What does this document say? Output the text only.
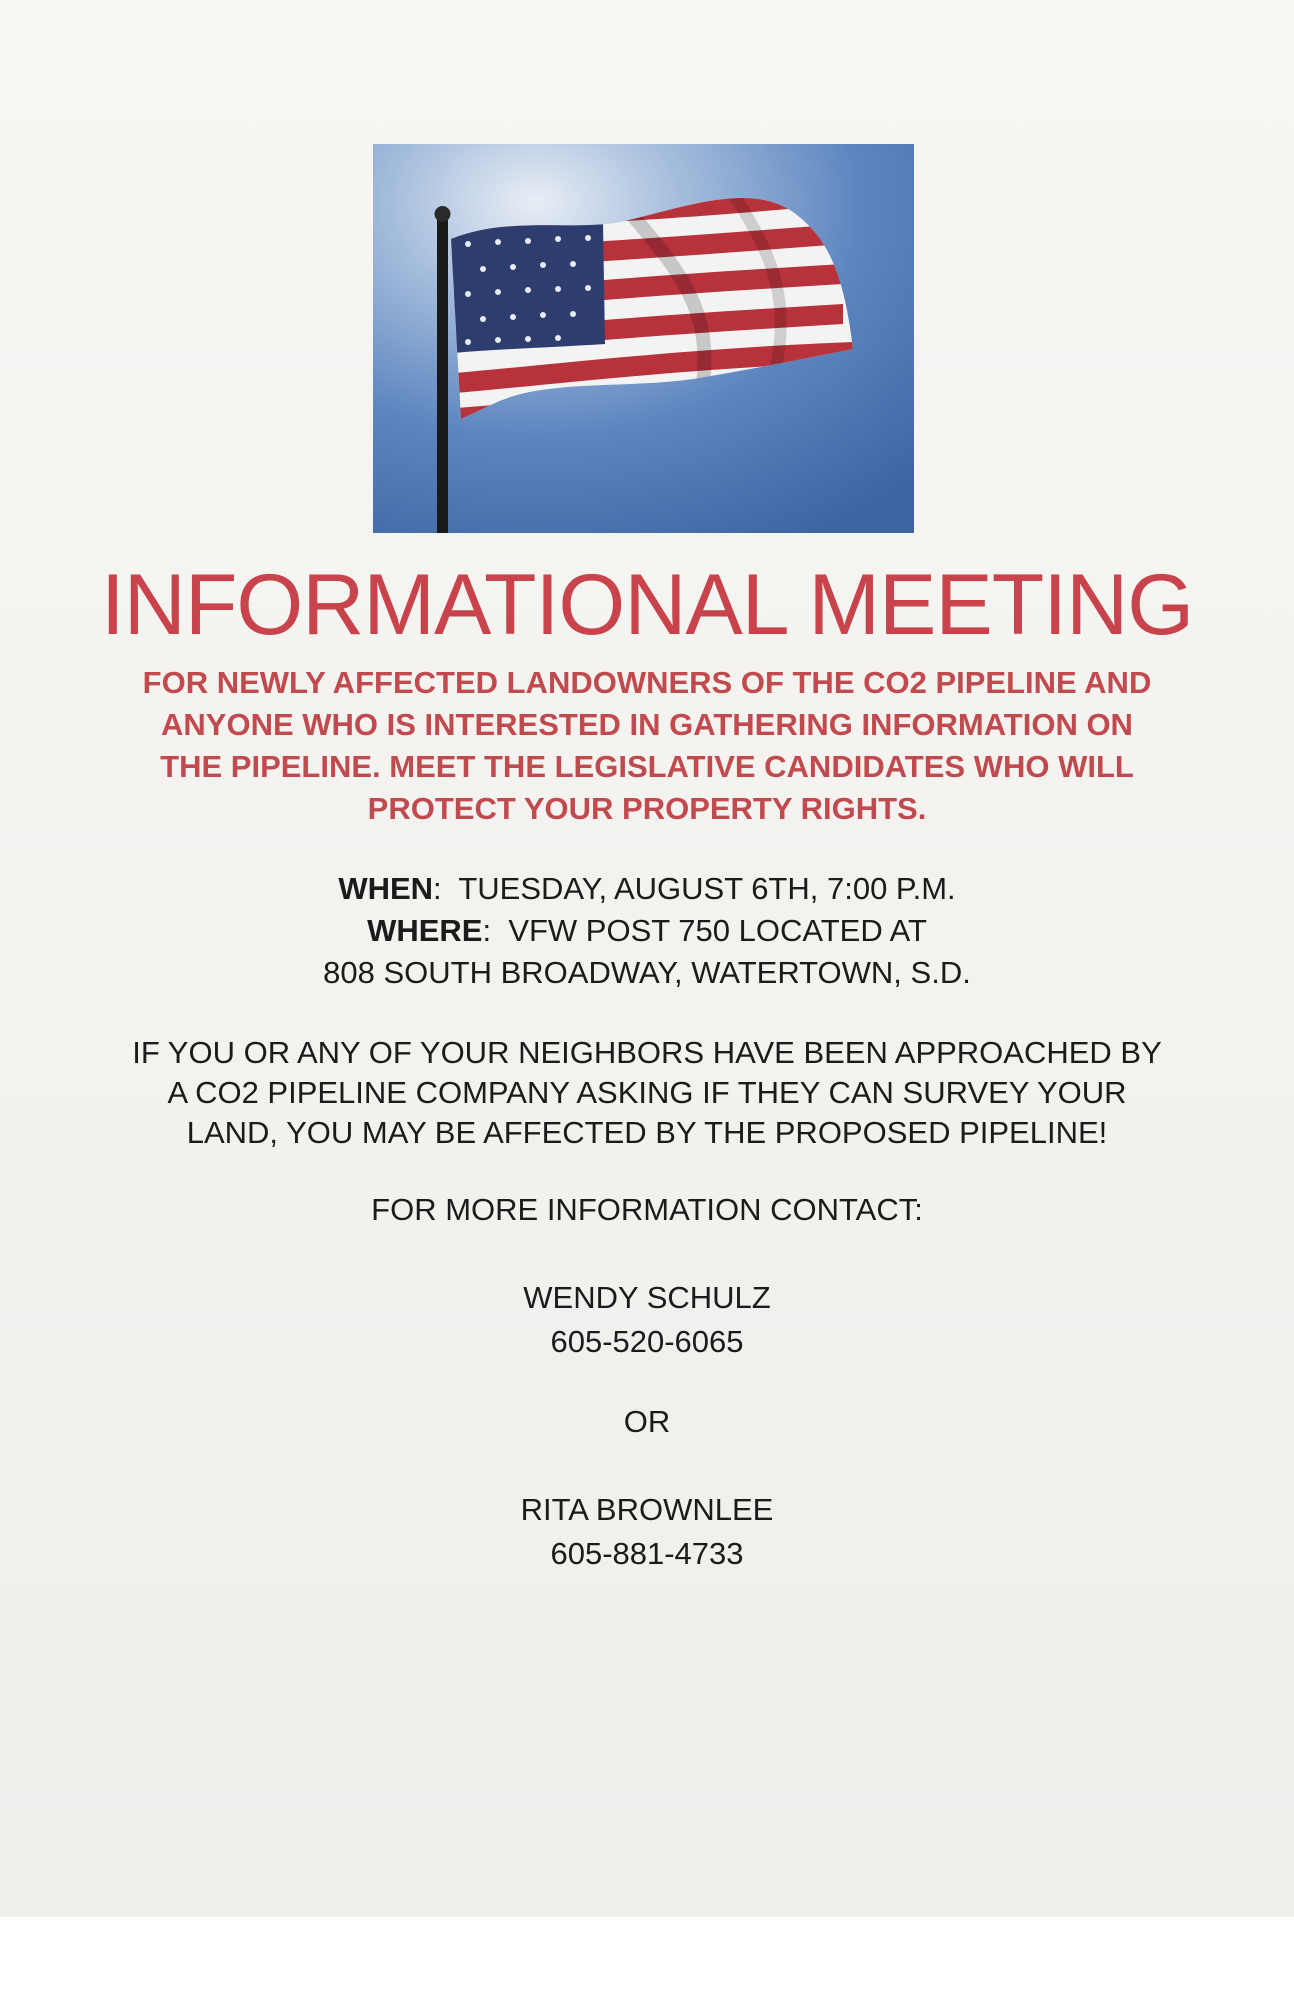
INFORMATIONAL MEETING
FOR NEWLY AFFECTED LANDOWNERS OF THE CO2 PIPELINE AND
ANYONE WHO IS INTERESTED IN GATHERING INFORMATION ON
THE PIPELINE. MEET THE LEGISLATIVE CANDIDATES WHO WILL
PROTECT YOUR PROPERTY RIGHTS.
WHEN:  TUESDAY, AUGUST 6TH, 7:00 P.M.
WHERE:  VFW POST 750 LOCATED AT
808 SOUTH BROADWAY, WATERTOWN, S.D.
IF YOU OR ANY OF YOUR NEIGHBORS HAVE BEEN APPROACHED BY
A CO2 PIPELINE COMPANY ASKING IF THEY CAN SURVEY YOUR
LAND, YOU MAY BE AFFECTED BY THE PROPOSED PIPELINE!
FOR MORE INFORMATION CONTACT:
WENDY SCHULZ
605-520-6065
OR
RITA BROWNLEE
605-881-4733
